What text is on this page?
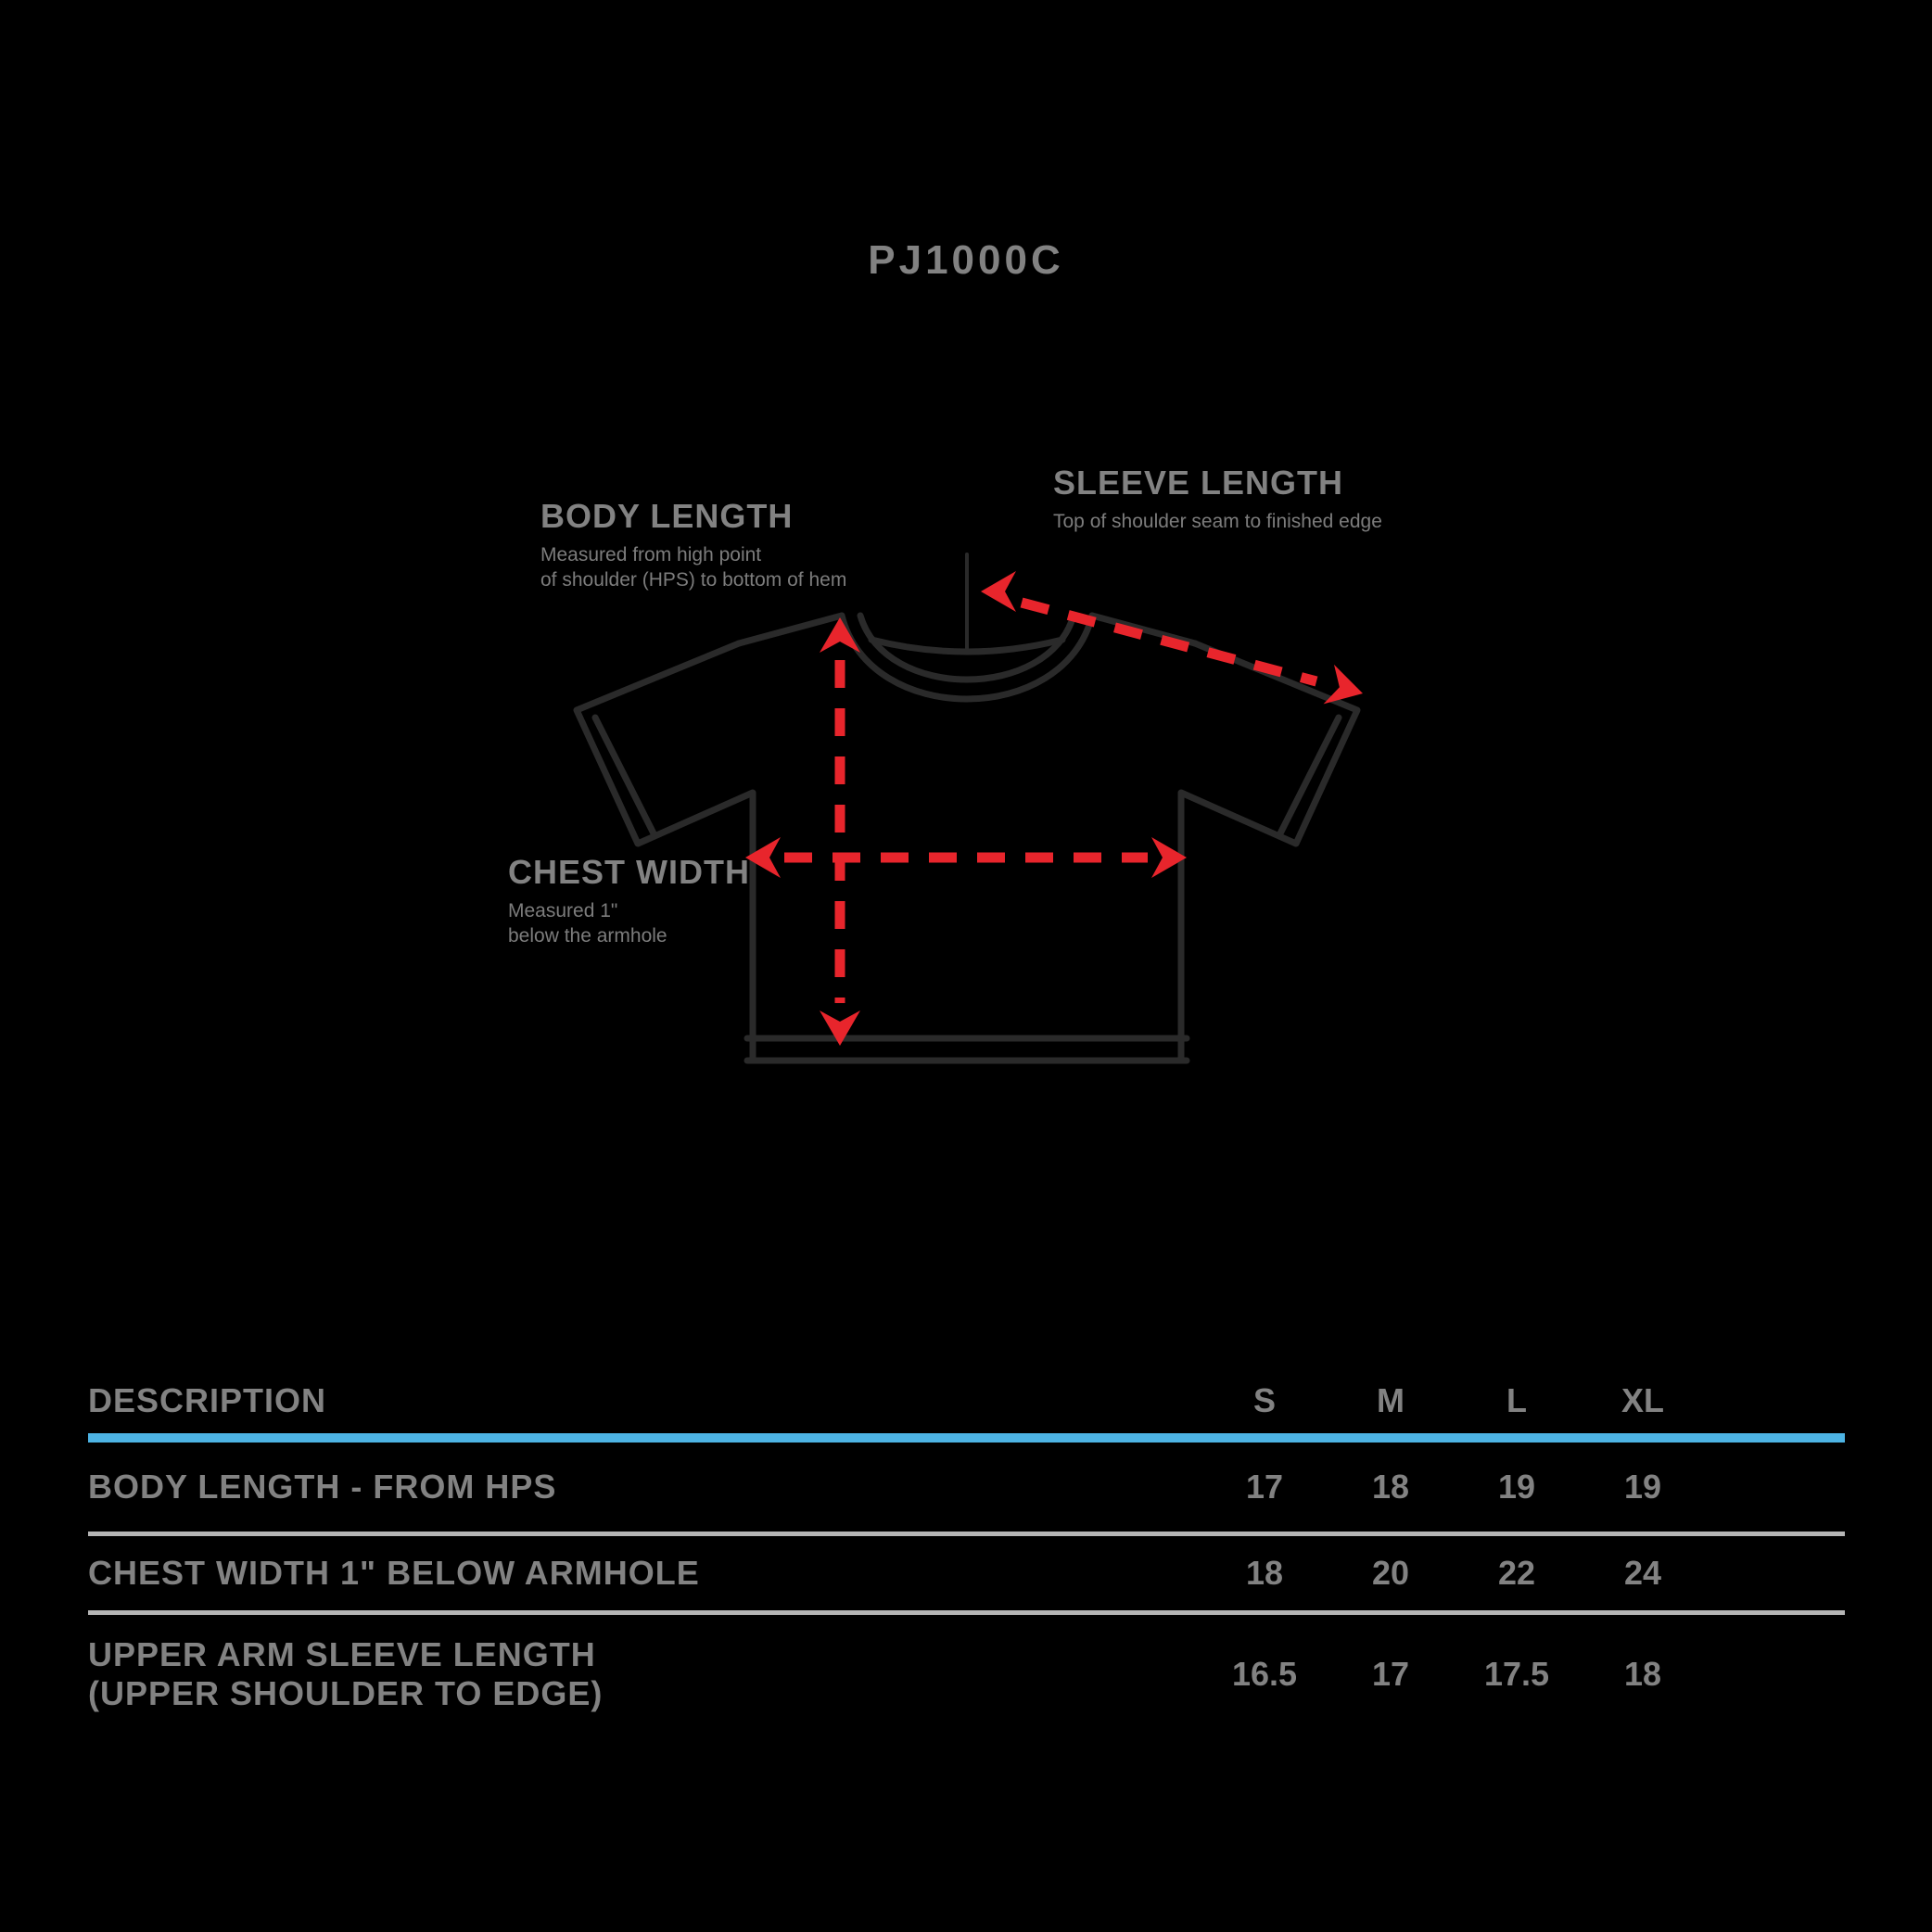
PJ1000C
BODY LENGTH
Measured from high point
of shoulder (HPS) to bottom of hem
SLEEVE LENGTH
Top of shoulder seam to finished edge
CHEST WIDTH
Measured 1"
below the armhole
DESCRIPTION	S	M	L	XL
BODY LENGTH - FROM HPS	17	18	19	19
CHEST WIDTH 1" BELOW ARMHOLE	18	20	22	24
UPPER ARM SLEEVE LENGTH
(UPPER SHOULDER TO EDGE)
16.5	17	17.5	18
